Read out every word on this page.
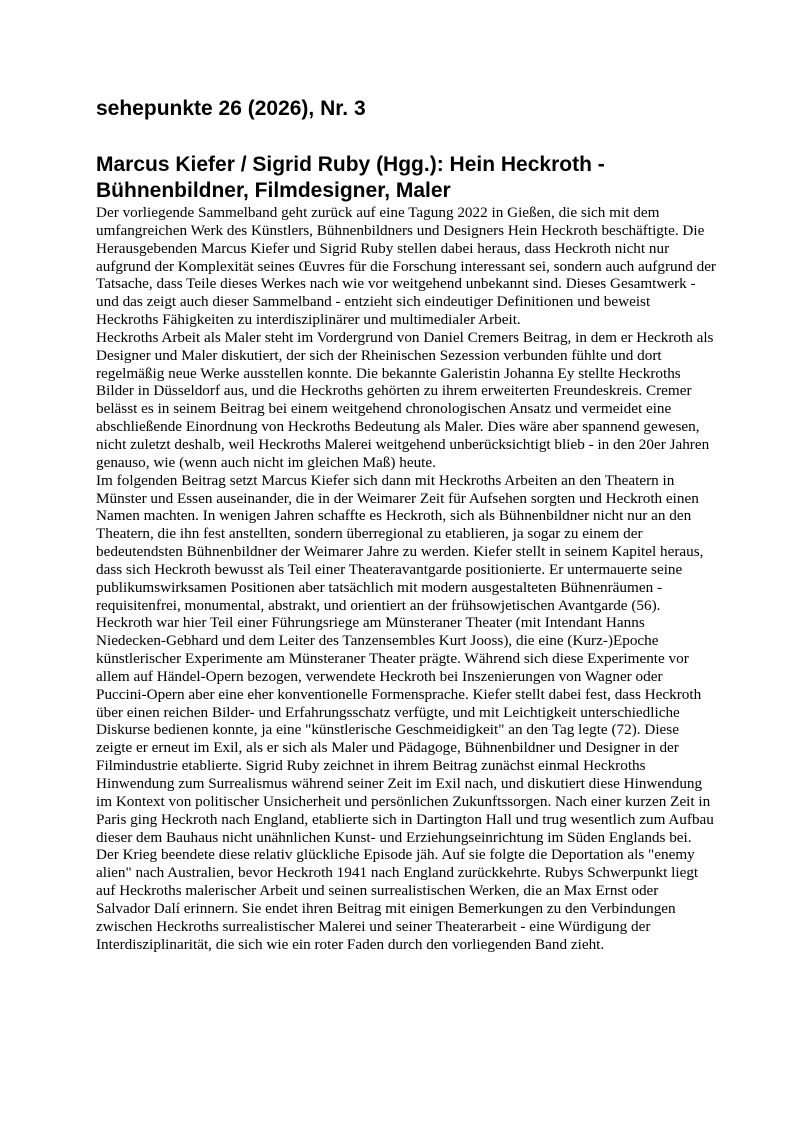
sehepunkte 26 (2026), Nr. 3
Marcus Kiefer / Sigrid Ruby (Hgg.): Hein Heckroth - Bühnenbildner, Filmdesigner, Maler

Der vorliegende Sammelband geht zurück auf eine Tagung 2022 in Gießen, die sich mit dem umfangreichen Werk des Künstlers, Bühnenbildners und Designers Hein Heckroth beschäftigte. Die Herausgebenden Marcus Kiefer und Sigrid Ruby stellen dabei heraus, dass Heckroth nicht nur aufgrund der Komplexität seines Œuvres für die Forschung interessant sei, sondern auch aufgrund der Tatsache, dass Teile dieses Werkes nach wie vor weitgehend unbekannt sind. Dieses Gesamtwerk - und das zeigt auch dieser Sammelband - entzieht sich eindeutiger Definitionen und beweist Heckroths Fähigkeiten zu interdisziplinärer und multimedialer Arbeit.

Heckroths Arbeit als Maler steht im Vordergrund von Daniel Cremers Beitrag, in dem er Heckroth als Designer und Maler diskutiert, der sich der Rheinischen Sezession verbunden fühlte und dort regelmäßig neue Werke ausstellen konnte. Die bekannte Galeristin Johanna Ey stellte Heckroths Bilder in Düsseldorf aus, und die Heckroths gehörten zu ihrem erweiterten Freundeskreis. Cremer belässt es in seinem Beitrag bei einem weitgehend chronologischen Ansatz und vermeidet eine abschließende Einordnung von Heckroths Bedeutung als Maler. Dies wäre aber spannend gewesen, nicht zuletzt deshalb, weil Heckroths Malerei weitgehend unberücksichtigt blieb - in den 20er Jahren genauso, wie (wenn auch nicht im gleichen Maß) heute.

Im folgenden Beitrag setzt Marcus Kiefer sich dann mit Heckroths Arbeiten an den Theatern in Münster und Essen auseinander, die in der Weimarer Zeit für Aufsehen sorgten und Heckroth einen Namen machten. In wenigen Jahren schaffte es Heckroth, sich als Bühnenbildner nicht nur an den Theatern, die ihn fest anstellten, sondern überregional zu etablieren, ja sogar zu einem der bedeutendsten Bühnenbildner der Weimarer Jahre zu werden. Kiefer stellt in seinem Kapitel heraus, dass sich Heckroth bewusst als Teil einer Theateravantgarde positionierte. Er untermauerte seine publikumswirksamen Positionen aber tatsächlich mit modern ausgestalteten Bühnenräumen - requisitenfrei, monumental, abstrakt, und orientiert an der frühsowjetischen Avantgarde (56). Heckroth war hier Teil einer Führungsriege am Münsteraner Theater (mit Intendant Hanns Niedecken-Gebhard und dem Leiter des Tanzensembles Kurt Jooss), die eine (Kurz-)Epoche künstlerischer Experimente am Münsteraner Theater prägte. Während sich diese Experimente vor allem auf Händel-Opern bezogen, verwendete Heckroth bei Inszenierungen von Wagner oder Puccini-Opern aber eine eher konventionelle Formensprache. Kiefer stellt dabei fest, dass Heckroth über einen reichen Bilder- und Erfahrungsschatz verfügte, und mit Leichtigkeit unterschiedliche Diskurse bedienen konnte, ja eine "künstlerische Geschmeidigkeit" an den Tag legte (72). Diese zeigte er erneut im Exil, als er sich als Maler und Pädagoge, Bühnenbildner und Designer in der Filmindustrie etablierte. Sigrid Ruby zeichnet in ihrem Beitrag zunächst einmal Heckroths Hinwendung zum Surrealismus während seiner Zeit im Exil nach, und diskutiert diese Hinwendung im Kontext von politischer Unsicherheit und persönlichen Zukunftssorgen. Nach einer kurzen Zeit in Paris ging Heckroth nach England, etablierte sich in Dartington Hall und trug wesentlich zum Aufbau dieser dem Bauhaus nicht unähnlichen Kunst- und Erziehungseinrichtung im Süden Englands bei. Der Krieg beendete diese relativ glückliche Episode jäh. Auf sie folgte die Deportation als "enemy alien" nach Australien, bevor Heckroth 1941 nach England zurückkehrte. Rubys Schwerpunkt liegt auf Heckroths malerischer Arbeit und seinen surrealistischen Werken, die an Max Ernst oder Salvador Dalí erinnern. Sie endet ihren Beitrag mit einigen Bemerkungen zu den Verbindungen zwischen Heckroths surrealistischer Malerei und seiner Theaterarbeit - eine Würdigung der Interdisziplinarität, die sich wie ein roter Faden durch den vorliegenden Band zieht.
